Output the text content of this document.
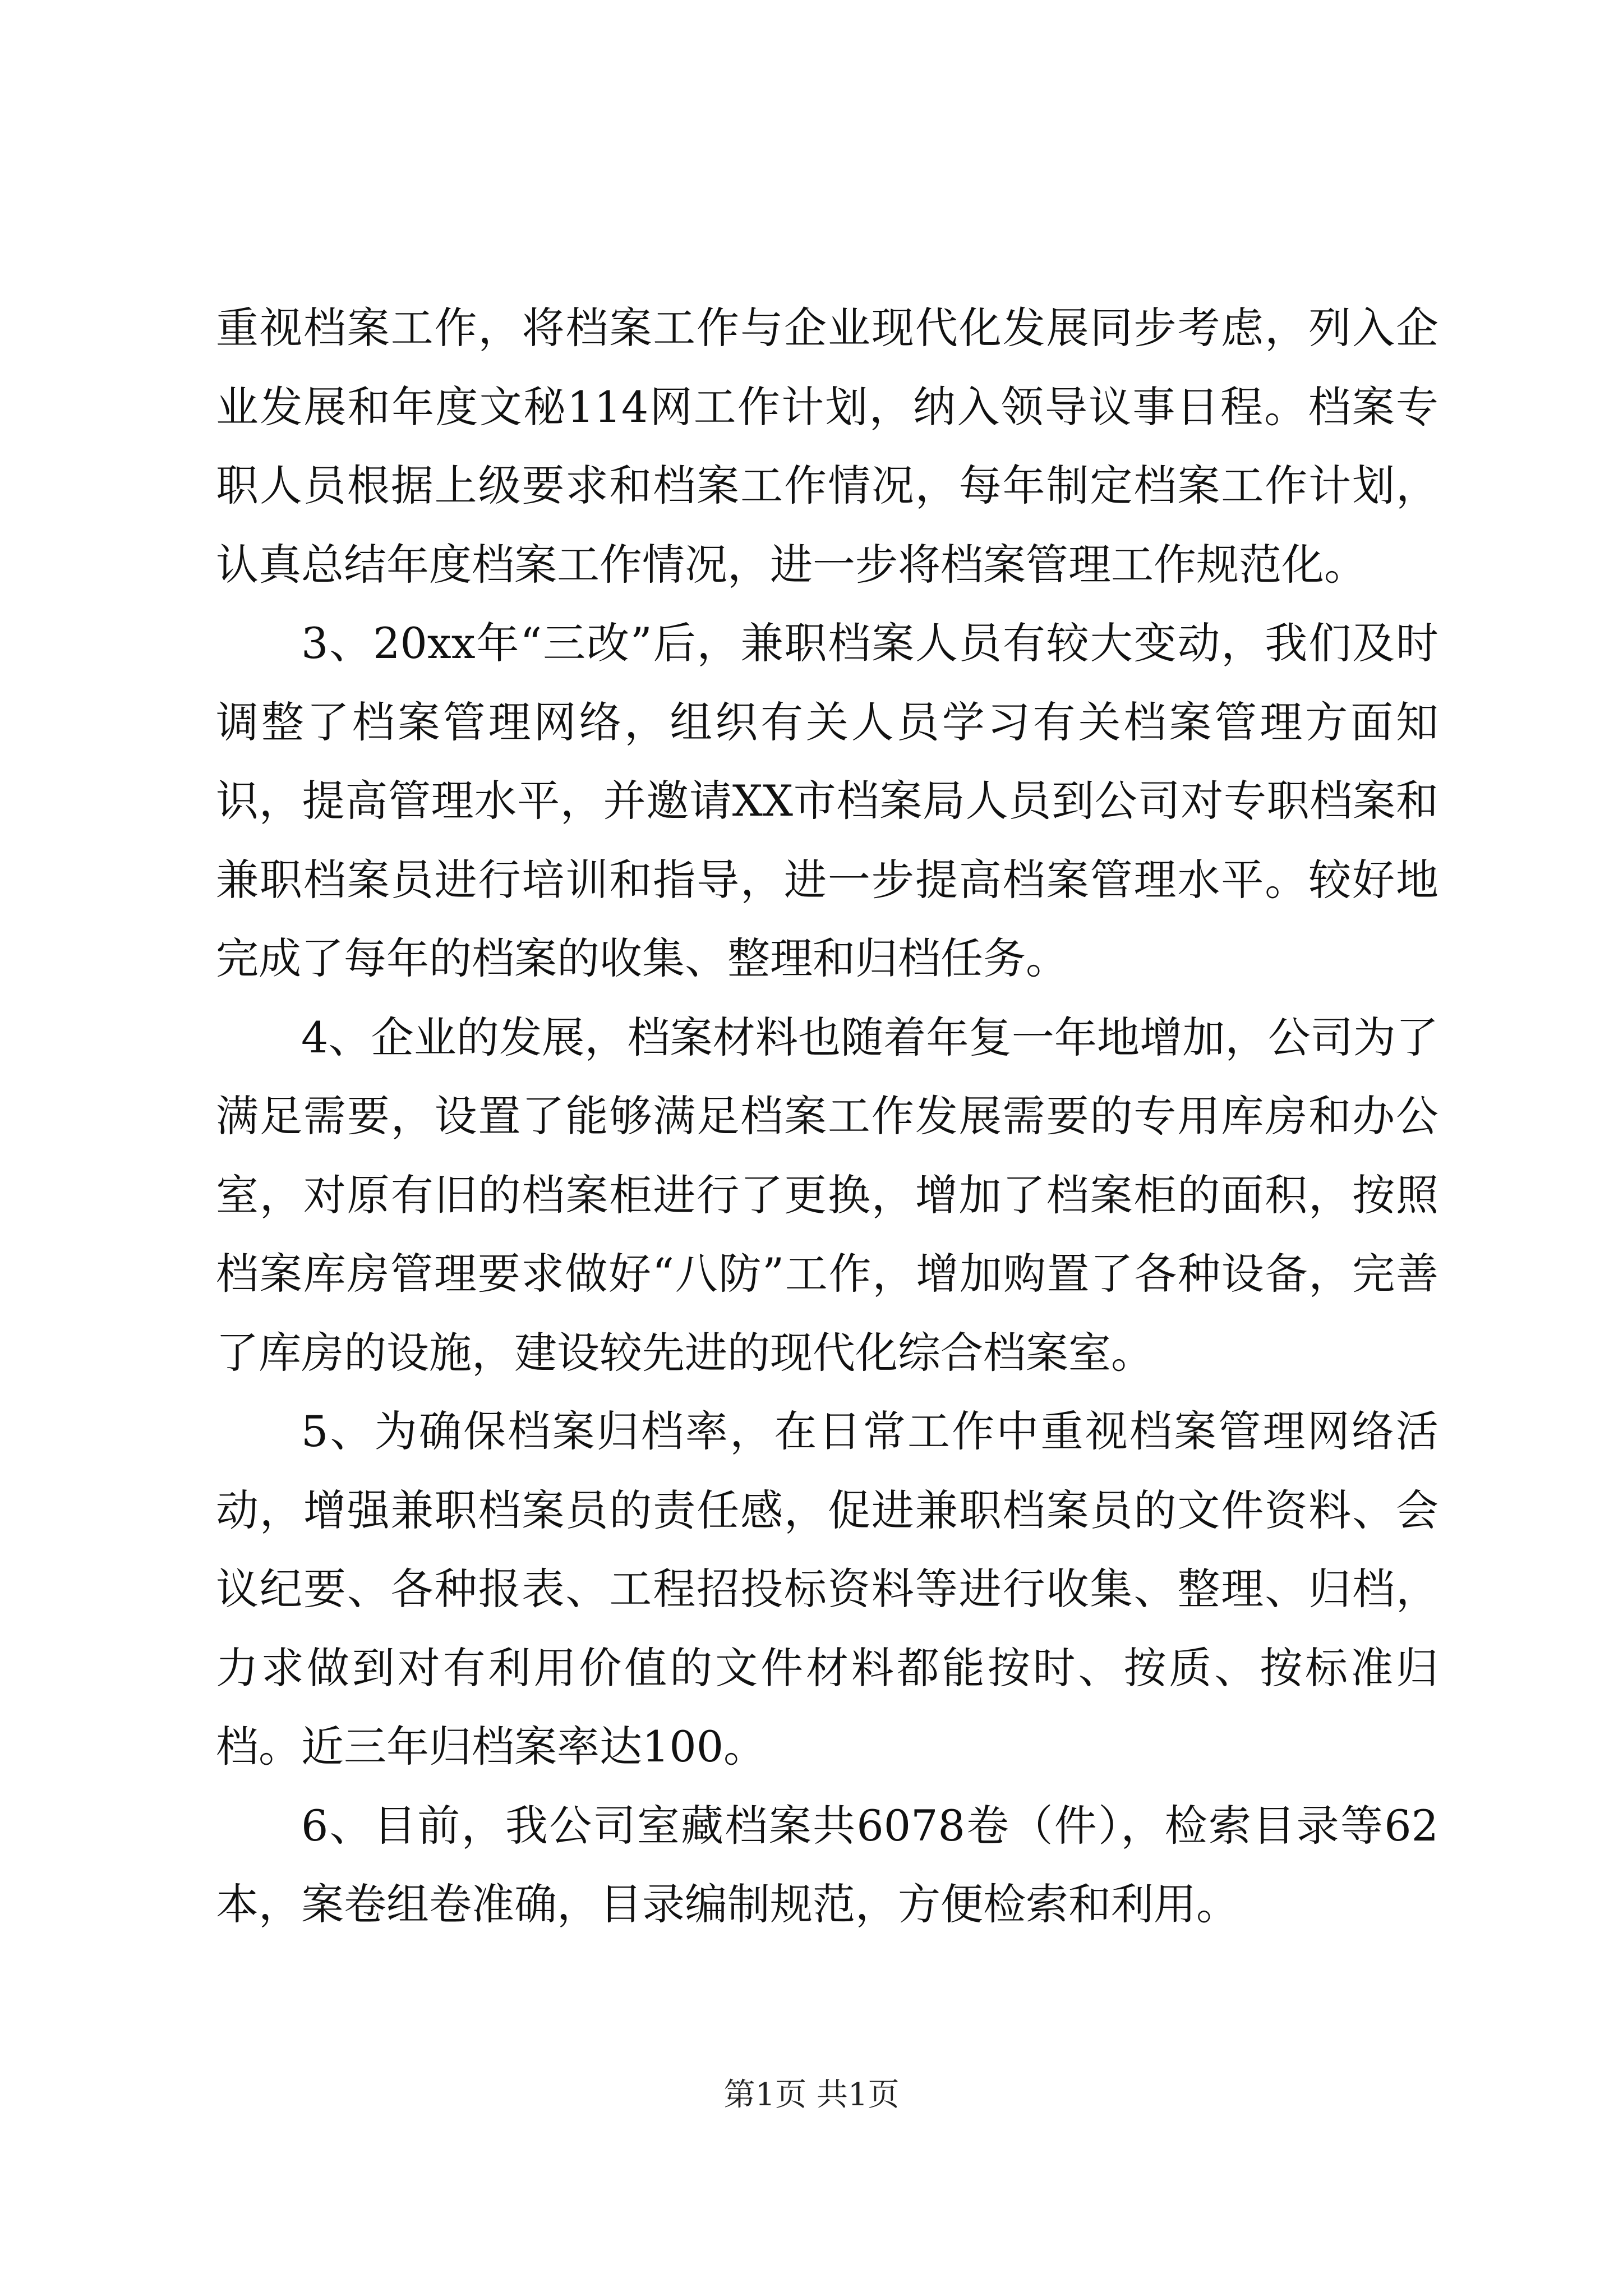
重视档案工作，将档案工作与企业现代化发展同步考虑，列入企业发展和年度文秘114网工作计划，纳入领导议事日程。档案专职人员根据上级要求和档案工作情况，每年制定档案工作计划，认真总结年度档案工作情况，进一步将档案管理工作规范化。

3、20xx年“三改”后，兼职档案人员有较大变动，我们及时调整了档案管理网络，组织有关人员学习有关档案管理方面知识，提高管理水平，并邀请XX市档案局人员到公司对专职档案和兼职档案员进行培训和指导，进一步提高档案管理水平。较好地完成了每年的档案的收集、整理和归档任务。

4、企业的发展，档案材料也随着年复一年地增加，公司为了满足需要，设置了能够满足档案工作发展需要的专用库房和办公室，对原有旧的档案柜进行了更换，增加了档案柜的面积，按照档案库房管理要求做好“八防”工作，增加购置了各种设备，完善了库房的设施，建设较先进的现代化综合档案室。

5、为确保档案归档率，在日常工作中重视档案管理网络活动，增强兼职档案员的责任感，促进兼职档案员的文件资料、会议纪要、各种报表、工程招投标资料等进行收集、整理、归档，力求做到对有利用价值的文件材料都能按时、按质、按标准归档。近三年归档案率达100。

6、目前，我公司室藏档案共6078卷（件），检索目录等62本，案卷组卷准确，目录编制规范，方便检索和利用。

第1页 共1页
